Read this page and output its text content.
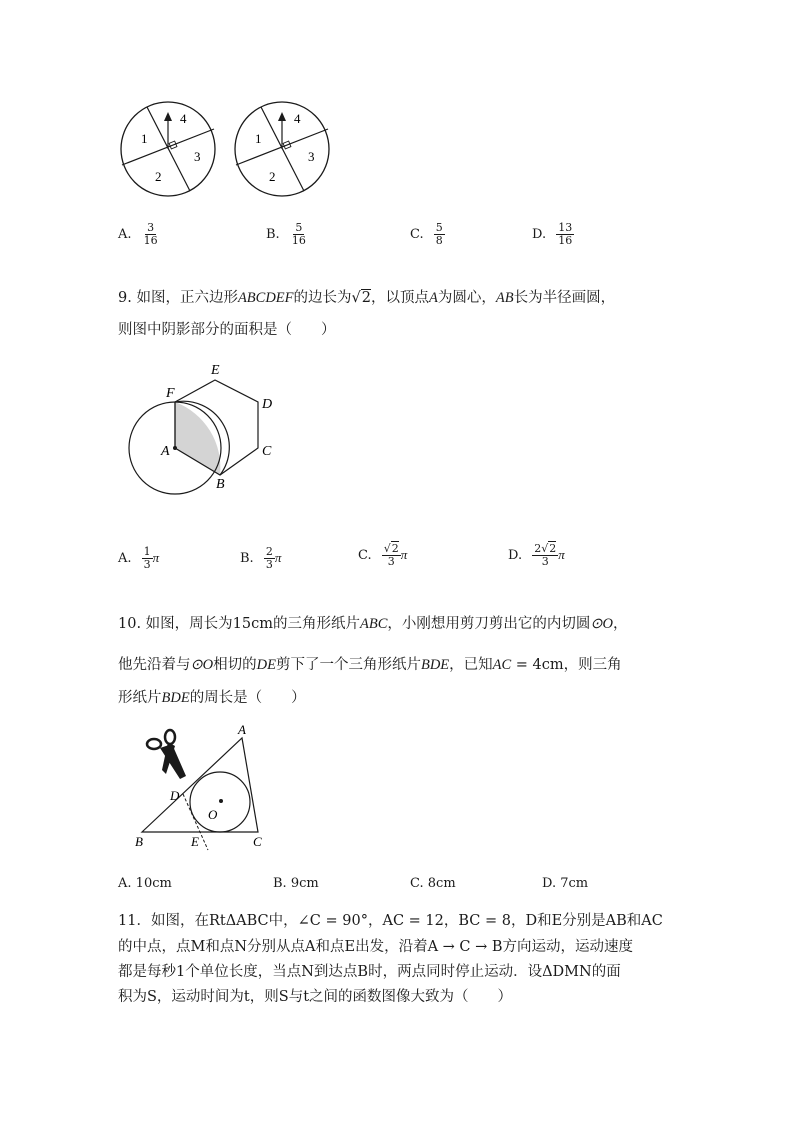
1
4
3
2
1
4
3
2
A. $\frac{3}{16}$	B. $\frac{5}{16}$	C. $\frac{5}{8}$	D. $\frac{13}{16}$
9. 如图，正六边形ABCDEF的边长为√2，以顶点A为圆心，AB长为半径画圆，
则图中阴影部分的面积是（　　）
F
E
D
C
B
A
A. $\frac{1}{3}$ π	B. $\frac{2}{3}$ π	C. $\frac{√2}{3}$ π	D. $\frac{2√2}{3}$ π
10. 如图，周长为15cm的三角形纸片ABC，小刚想用剪刀剪出它的内切圆⊙O，
他先沿着与⊙O相切的DE剪下了一个三角形纸片BDE，已知AC = 4cm，则三角
形纸片BDE的周长是（　　）
A
D
O
B	E	C
A. 10cm	B. 9cm	C. 8cm	D. 7cm
11．如图，在RtΔABC中，∠C = 90°，AC = 12，BC = 8，D和E分别是AB和AC
的中点，点M和点N分别从点A和点E出发，沿着A → C → B方向运动，运动速度
都是每秒1个单位长度，当点N到达点B时，两点同时停止运动．设ΔDMN的面
积为S，运动时间为t，则S与t之间的函数图像大致为（　　）
